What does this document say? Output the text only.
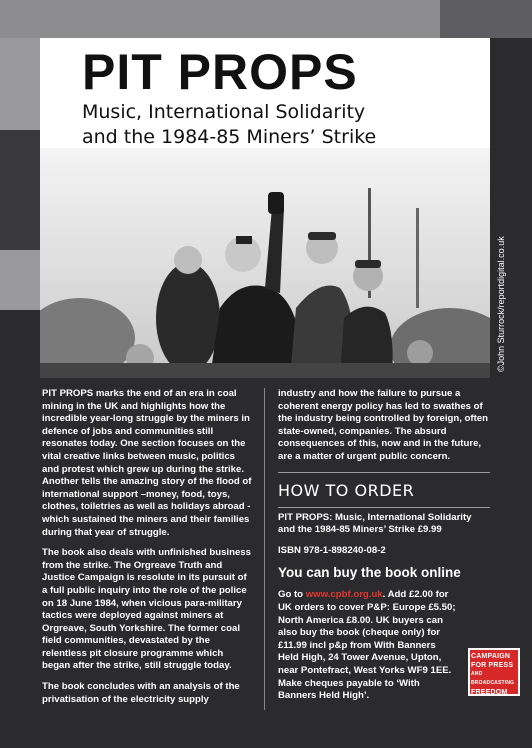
PIT PROPS
Music, International Solidarity
and the 1984-85 Miners’ Strike
©John Sturrock/reportdigital.co.uk

PIT PROPS marks the end of an era in coal mining in the UK and highlights how the incredible year-long struggle by the miners in defence of jobs and communities still resonates today. One section focuses on the vital creative links between music, politics and protest which grew up during the strike. Another tells the amazing story of the flood of international support –money, food, toys, clothes, toiletries as well as holidays abroad - which sustained the miners and their families during that year of struggle.

The book also deals with unfinished business from the strike. The Orgreave Truth and Justice Campaign is resolute in its pursuit of a full public inquiry into the role of the police on 18 June 1984, when vicious para-military tactics were deployed against miners at Orgreave, South Yorkshire. The former coal field communities, devastated by the relentless pit closure programme which began after the strike, still struggle today.

The book concludes with an analysis of the privatisation of the electricity supply

industry and how the failure to pursue a coherent energy policy has led to swathes of the industry being controlled by foreign, often state-owned, companies. The absurd consequences of this, now and in the future, are a matter of urgent public concern.

HOW TO ORDER

PIT PROPS: Music, International Solidarity and the 1984-85 Miners’ Strike £9.99

ISBN 978-1-898240-08-2

You can buy the book online

Go to www.cpbf.org.uk. Add £2.00 for UK orders to cover P&P: Europe £5.50; North America £8.00. UK buyers can also buy the book (cheque only) for £11.99 incl p&p from With Banners Held High, 24 Tower Avenue, Upton, near Pontefract, West Yorks WF9 1EE. Make cheques payable to ‘With Banners Held High’.

CAMPAIGN
FOR PRESS
AND BROADCASTING
FREEDOM
